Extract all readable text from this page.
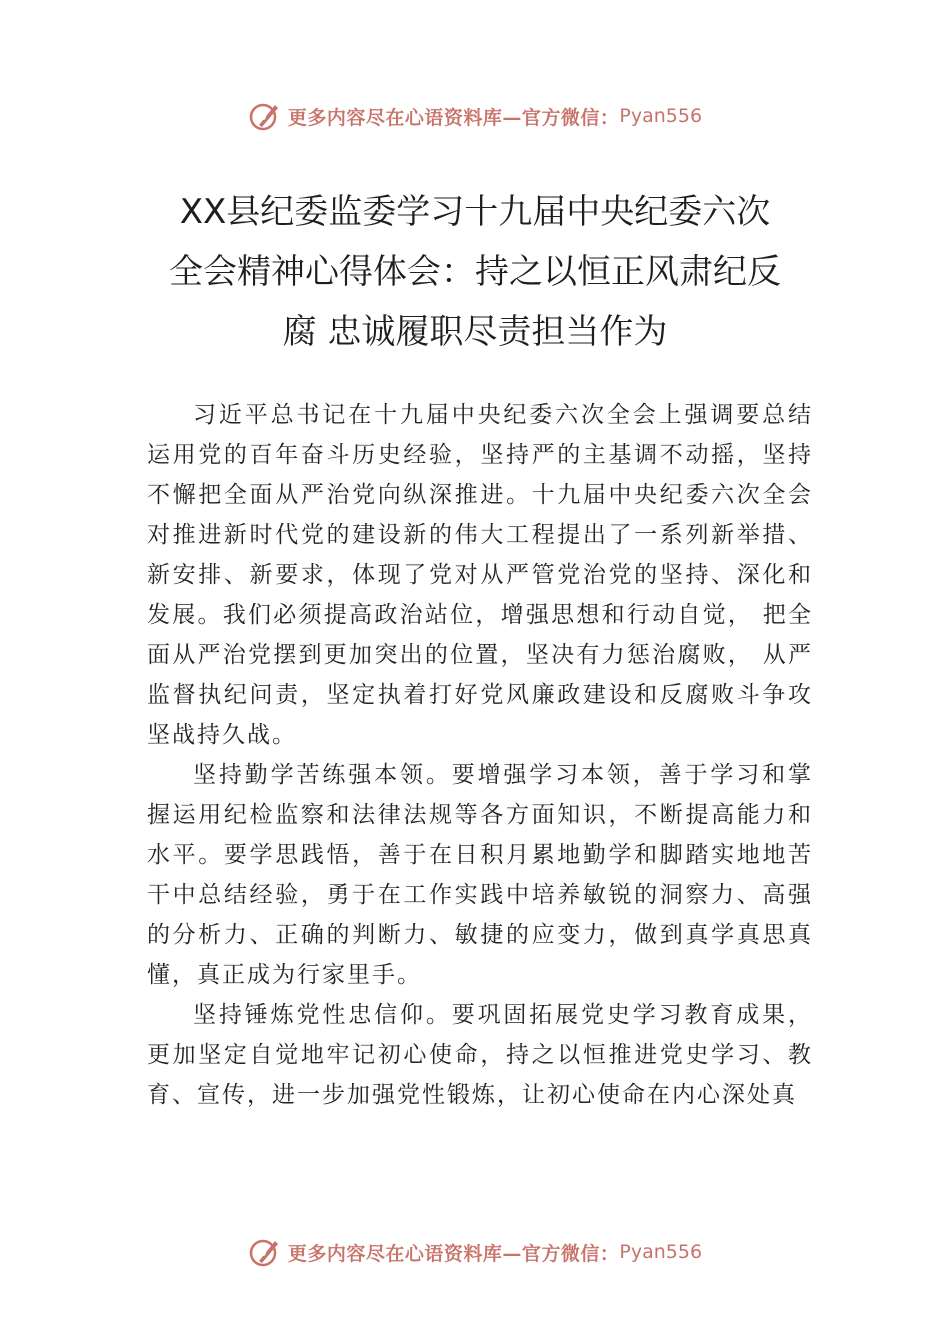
更多内容尽在心语资料库—官方微信： Pyan556
XX县纪委监委学习十九届中央纪委六次
全会精神心得体会：持之以恒正风肃纪反
腐 忠诚履职尽责担当作为

习近平总书记在十九届中央纪委六次全会上强调要总结运用党的百年奋斗历史经验，坚持严的主基调不动摇，坚持不懈把全面从严治党向纵深推进。十九届中央纪委六次全会对推进新时代党的建设新的伟大工程提出了一系列新举措、新安排、新要求，体现了党对从严管党治党的坚持、深化和发展。我们必须提高政治站位，增强思想和行动自觉， 把全面从严治党摆到更加突出的位置，坚决有力惩治腐败， 从严监督执纪问责，坚定执着打好党风廉政建设和反腐败斗争攻坚战持久战。

坚持勤学苦练强本领。要增强学习本领，善于学习和掌握运用纪检监察和法律法规等各方面知识，不断提高能力和水平。要学思践悟，善于在日积月累地勤学和脚踏实地地苦干中总结经验，勇于在工作实践中培养敏锐的洞察力、高强的分析力、正确的判断力、敏捷的应变力，做到真学真思真懂，真正成为行家里手。

坚持锤炼党性忠信仰。要巩固拓展党史学习教育成果，更加坚定自觉地牢记初心使命，持之以恒推进党史学习、教育、宣传，进一步加强党性锻炼，让初心使命在内心深处真

更多内容尽在心语资料库—官方微信： Pyan556
